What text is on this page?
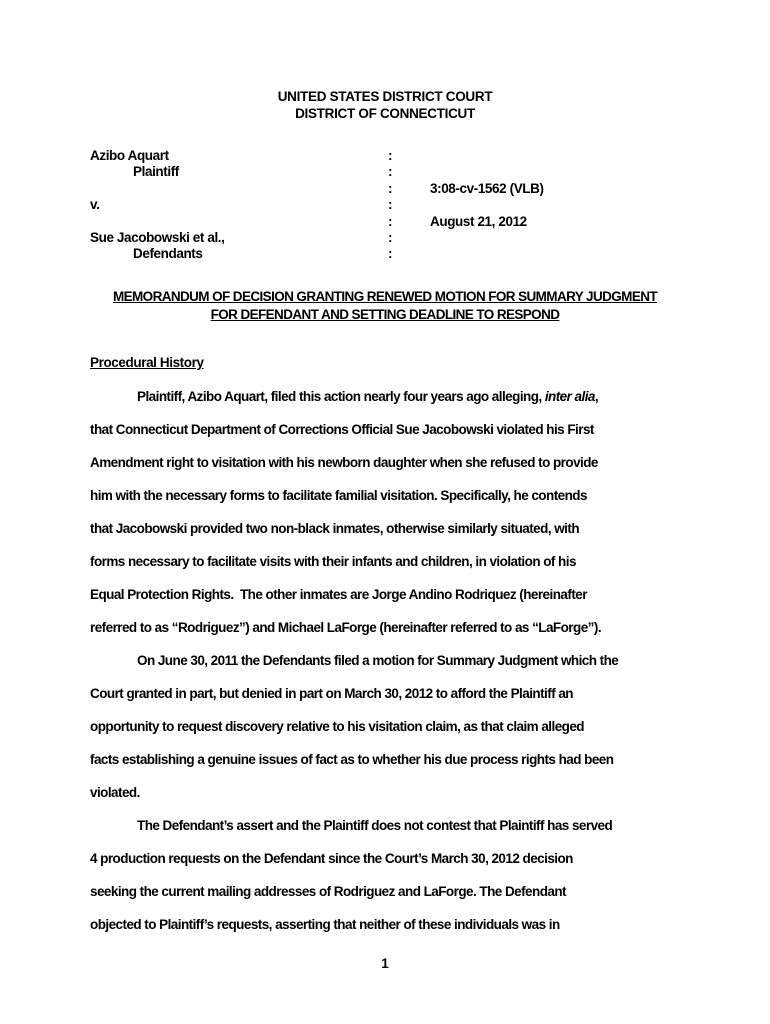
UNITED STATES DISTRICT COURT
DISTRICT OF CONNECTICUT
Azibo Aquart	:
Plaintiff	:
:	3:08-cv-1562 (VLB)
v.	:
:	August 21, 2012
Sue Jacobowski et al.,	:
Defendants	:
MEMORANDUM OF DECISION GRANTING RENEWED MOTION FOR SUMMARY JUDGMENT
FOR DEFENDANT AND SETTING DEADLINE TO RESPOND
Procedural History
Plaintiff, Azibo Aquart, filed this action nearly four years ago alleging, inter alia,
that Connecticut Department of Corrections Official Sue Jacobowski violated his First
Amendment right to visitation with his newborn daughter when she refused to provide
him with the necessary forms to facilitate familial visitation. Specifically, he contends
that Jacobowski provided two non-black inmates, otherwise similarly situated, with
forms necessary to facilitate visits with their infants and children, in violation of his
Equal Protection Rights.  The other inmates are Jorge Andino Rodriquez (hereinafter
referred to as “Rodriguez”) and Michael LaForge (hereinafter referred to as “LaForge”).
On June 30, 2011 the Defendants filed a motion for Summary Judgment which the
Court granted in part, but denied in part on March 30, 2012 to afford the Plaintiff an
opportunity to request discovery relative to his visitation claim, as that claim alleged
facts establishing a genuine issues of fact as to whether his due process rights had been
violated.
The Defendant’s assert and the Plaintiff does not contest that Plaintiff has served
4 production requests on the Defendant since the Court’s March 30, 2012 decision
seeking the current mailing addresses of Rodriguez and LaForge. The Defendant
objected to Plaintiff’s requests, asserting that neither of these individuals was in
1
